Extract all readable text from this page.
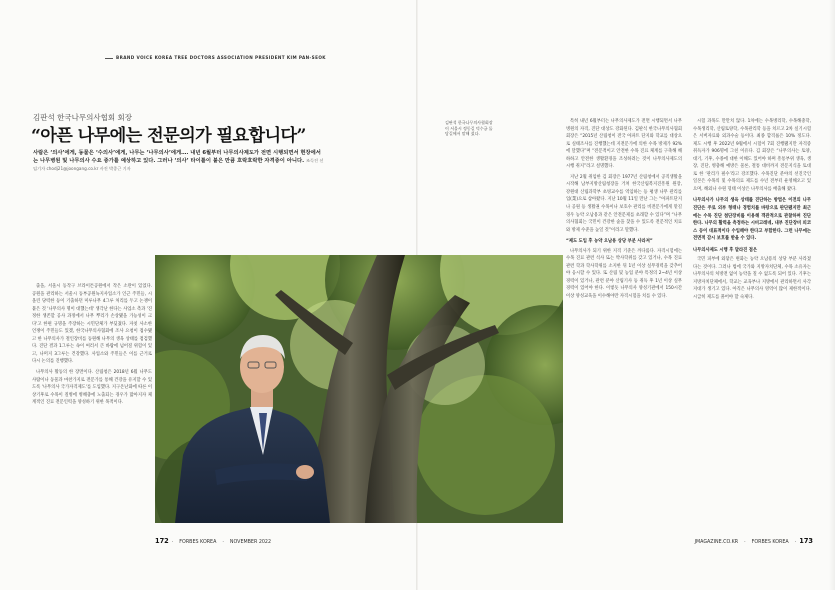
BRAND VOICE KOREA TREE DOCTORS ASSOCIATION PRESIDENT KIM PAN-SEOK
김판석 한국나무의사협회 회장
“아픈 나무에는 전문의가 필요합니다”
사람은 ‘의사’에게, 동물은 ‘수의사’에게, 나무는 ‘나무의사’에게…. 내년 6월부터 나무의사제도가 전면 시행되면서 현장에서는 나무병원 및 나무의사 수요 증가를 예상하고 있다. 그러나 ‘의사’ 타이틀이 붙은 만큼 호락호락한 자격증이 아니다. 조득진 선임기자 chodj21@joongang.co.kr 사진 박종근 기자
김판석 한국나무의사협회장이 서울시 정동길 덕수궁 돌담길에서 말해 섰다.

출을, 서울시 동작구 브라이튼공원에서 작은 소란이 있었다. 공원을 관리하는 서울시 동부공원녹지사업소가 인근 주민들, 시 올린 당력한 등이 기출하던 미루나무 4그루 처리를 두고 논쟁이 붙은 것 '나무의사 명이 대했는데' 생각난 한다는 사업소 측과 '진정한 생존할 공사 과정에서 나무 뿌리가 손상됐을 가능성이 크다'고 한편 규명을 주장하는 시민단체가 부딪쳤다. 자칫 사소한 언쟁이 주민들도 있겠, 한국나무의사협회에 조사 요청이 접수됐고 한 나무의사가 철인장비를 동원해 나무의 생육 상태를 점검했다. 진단 결과 1그루는 속이 여러서 큰 바람에 넘어질 위험이 있고, 나머지 3그루는 건강했다. 사업소와 주민들은 이를 근거로 다시 논의를 진행했다.

나무의사 활동의 한 장면이다. 산림청은 2018년 6월 나무도 사람이나 동물과 마찬가지로 전문가를 통해 건강을 유지할 수 있도록 '나무의사 국가자격제도'를 도입했다. 지구온난화에 따른 이상기후로 수목이 질병에 병해충에 노출되는 경우가 많아지자 체계적인 진료 전문인력을 양성하기 위한 목적이다.

특히 내년 6월부터는 나무의사제도가 전면 시행되면서 나무병원의 자격, 진단 대상도 강화된다. 김판석 한국나무의사협회 회장은 “2015년 산림청이 전국 아파트 단지와 학교를 대상으로 실태조사를 진행했는데 지전문가에 의한 수목 방제가 92%에 달했다”며 “전문적이고 안전한 수목 진료 체계를 구축해 해하하고 안전한 생활환경을 조성하려는 것이 나무의사제도의 시행 취지”라고 설명했다.

지난 2월 취임한 김 회장은 1977년 산림청에서 공직생활을 시작해 남부지방산림청장을 거쳐 한국산림복지진흥원 원장, 강원대 산림과학부 초빙교수를 역임하는 등 평생 나무 관리를 업(業)으로 삼아왔다. 지난 10월 11일 만난 그는 “아파트단지나 공원 등 생활권 수목이나 보호수 관리를 비전문가에게 맡길 경우 농약 오남용과 같은 안전문제를 초래할 수 있다”며 “나무의사협회는 국민이 건강한 숲을 찾을 수 있도록 전문적인 치료와 방제 수준을 높일 것”이라고 말했다.

“제도 도입 후 농약 오남용 상당 부분 사라져”

나무의사가 되기 위한 지격 기준은 까다롭다. 자격시험에는 수목 진료 관련 석사 또는 박사학위를 갖고 있거나, 수목 진료 관련 학과 학사학위를 소지한 뒤 1년 이상 실무경력을 갖추어야 응시할 수 있다. 또 산림 및 농업 분야 특정의 2~4년 이상 경력이 있거나, 관련 분야 산림기사 등 취득 후 1년 이상 실무 경력이 있어야 한다. 이렇듯 나무의사 양성기관에서 150시간 이상 양성교육을 이수해야만 자격시험을 치를 수 있다.

시험 과목도 만만치 않다. 1차에는 수목병리학, 수목해충학, 수목생리학, 산림토양학, 수목관리학 등을 치르고 2차 실기시험은 서버자료와 외과수술 등이다. 최종 합격률은 10% 정도다. 제도 시행 후 2022년 9월에서 시험이 7회 진행됐지만 자격증 취득자가 906명에 그친 이유다. 김 회장은 “나무의사는 토양, 대기, 기후, 수종에 대한 이해도 있어야 하며 흥통부위 생육, 생장, 진단, 병충해 예방은 물론, 철통 대비까지 전문지식을 토대로 한 ‘관리가 필수’라고 강조했다. 수목진단 분야의 선진국인 일본은 수목의 및 수목의료 제도를 수년 전부터 운영해오고 있으며, 해외나 수원 형태 이상은 나무의사를 배출해 왔다.

나무의사가 나무의 생육 상태를 진단하는 방법은 이전의 나무 진단은 주로 외부 형태나 경험치를 바탕으로 판단됐지만 최근에는 수목 진단 첨단장비를 이용해 객관적으로 관찰하며 진단한다. 나무의 활력을 측정하는 시비고레네, 내부 진단장비 피코스 등이 대표적이다 수입해야 한다고 부합한다. 그런 나무에는 전면적 감시 보호를 받을 수 있다.

나무의사제도 시행 후 달라진 점은

국민 피부에 와닿은 변화는 농약 오남용의 상당 부분 사라졌다는 것이다. 그러나 법에 국가와 지방자치단체, 수목 소유자는 나무의사의 처방전 없이 농약을 칠 수 없도록 되어 있다. 기후는 지방자치단체에서, 학교는 교육부나 지방에서 관리하면서 사각지대가 생기고 있다. 아직은 나무의사 영역이 많이 제한적이다. 시급히 제도를 풀어야 할 숙제다.

172 · FORBES KOREA · NOVEMBER 2022	JMAGAZINE.CO.KR · FORBES KOREA · 173
